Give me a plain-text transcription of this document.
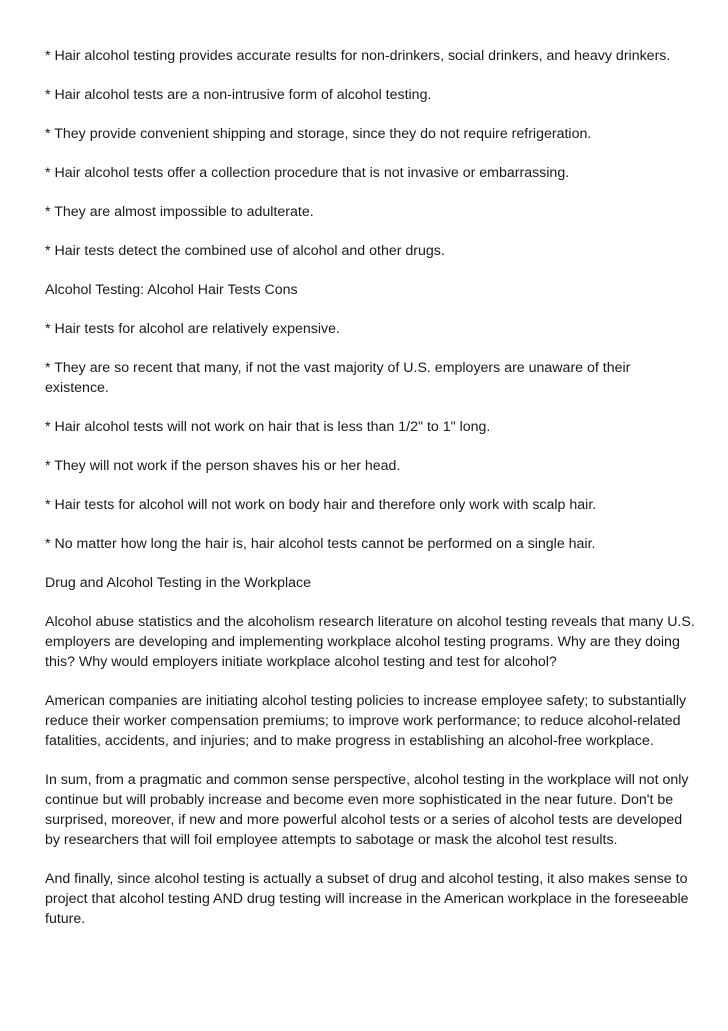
* Hair alcohol testing provides accurate results for non-drinkers, social drinkers, and heavy drinkers.

* Hair alcohol tests are a non-intrusive form of alcohol testing.

* They provide convenient shipping and storage, since they do not require refrigeration.

* Hair alcohol tests offer a collection procedure that is not invasive or embarrassing.

* They are almost impossible to adulterate.

* Hair tests detect the combined use of alcohol and other drugs.

Alcohol Testing: Alcohol Hair Tests Cons

* Hair tests for alcohol are relatively expensive.

* They are so recent that many, if not the vast majority of U.S. employers are unaware of their existence.

* Hair alcohol tests will not work on hair that is less than 1/2" to 1" long.

* They will not work if the person shaves his or her head.

* Hair tests for alcohol will not work on body hair and therefore only work with scalp hair.

* No matter how long the hair is, hair alcohol tests cannot be performed on a single hair.

Drug and Alcohol Testing in the Workplace

Alcohol abuse statistics and the alcoholism research literature on alcohol testing reveals that many U.S. employers are developing and implementing workplace alcohol testing programs. Why are they doing this? Why would employers initiate workplace alcohol testing and test for alcohol?

American companies are initiating alcohol testing policies to increase employee safety; to substantially reduce their worker compensation premiums; to improve work performance; to reduce alcohol-related fatalities, accidents, and injuries; and to make progress in establishing an alcohol-free workplace.

In sum, from a pragmatic and common sense perspective, alcohol testing in the workplace will not only continue but will probably increase and become even more sophisticated in the near future. Don't be surprised, moreover, if new and more powerful alcohol tests or a series of alcohol tests are developed by researchers that will foil employee attempts to sabotage or mask the alcohol test results.

And finally, since alcohol testing is actually a subset of drug and alcohol testing, it also makes sense to project that alcohol testing AND drug testing will increase in the American workplace in the foreseeable future.
